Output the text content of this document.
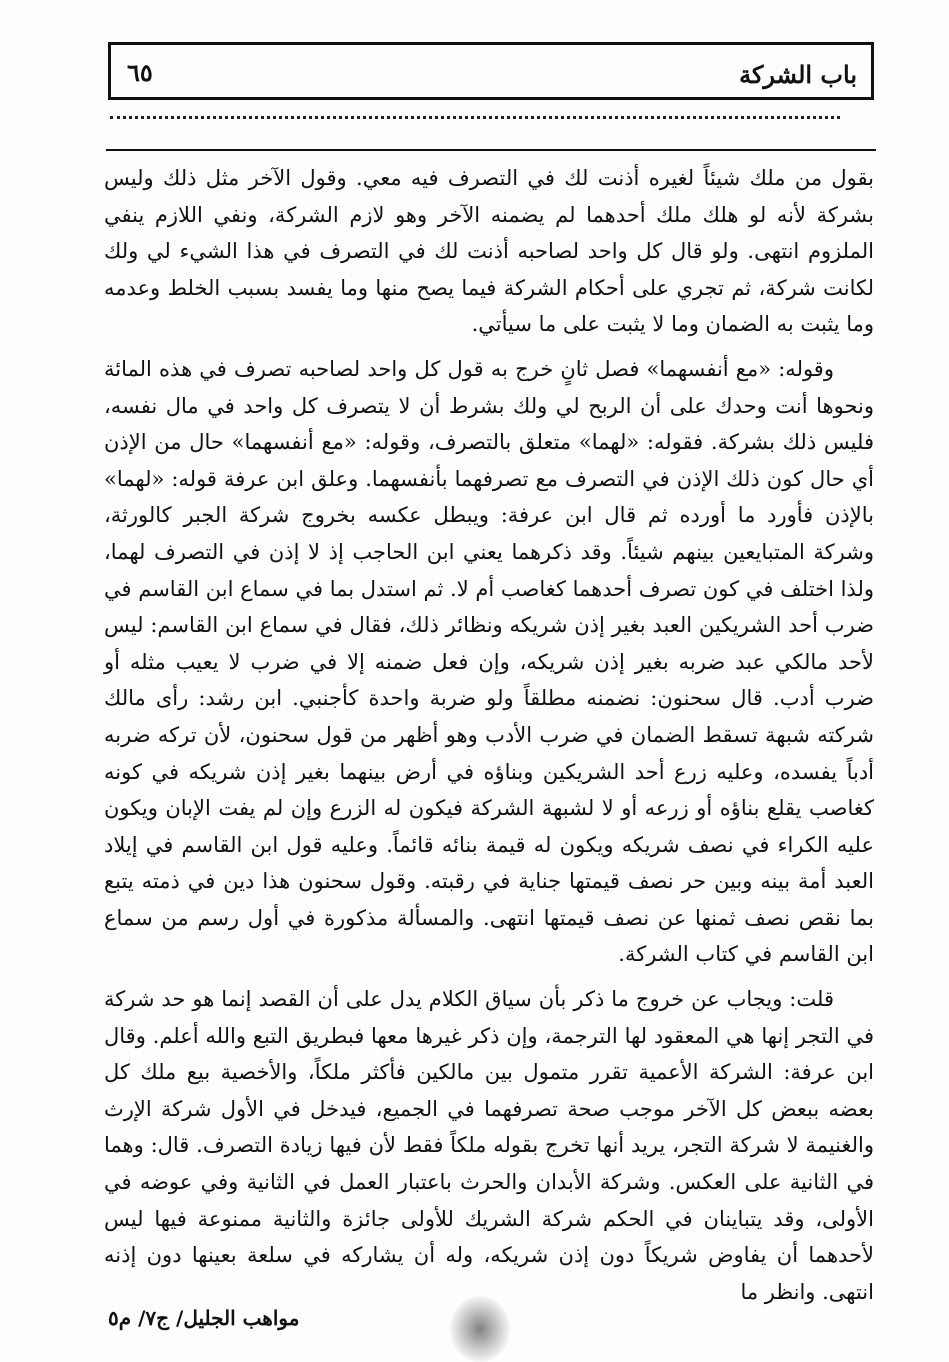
باب الشركة
٦٥

بقول من ملك شيئاً لغيره أذنت لك في التصرف فيه معي. وقول الآخر مثل ذلك وليس بشركة لأنه لو هلك ملك أحدهما لم يضمنه الآخر وهو لازم الشركة، ونفي اللازم ينفي الملزوم انتهى. ولو قال كل واحد لصاحبه أذنت لك في التصرف في هذا الشيء لي ولك لكانت شركة، ثم تجري على أحكام الشركة فيما يصح منها وما يفسد بسبب الخلط وعدمه وما يثبت به الضمان وما لا يثبت على ما سيأتي.

وقوله: «مع أنفسهما» فصل ثانٍ خرج به قول كل واحد لصاحبه تصرف في هذه المائة ونحوها أنت وحدك على أن الربح لي ولك بشرط أن لا يتصرف كل واحد في مال نفسه، فليس ذلك بشركة. فقوله: «لهما» متعلق بالتصرف، وقوله: «مع أنفسهما» حال من الإذن أي حال كون ذلك الإذن في التصرف مع تصرفهما بأنفسهما. وعلق ابن عرفة قوله: «لهما» بالإذن فأورد ما أورده ثم قال ابن عرفة: ويبطل عكسه بخروج شركة الجبر كالورثة، وشركة المتبايعين بينهم شيئاً. وقد ذكرهما يعني ابن الحاجب إذ لا إذن في التصرف لهما، ولذا اختلف في كون تصرف أحدهما كغاصب أم لا. ثم استدل بما في سماع ابن القاسم في ضرب أحد الشريكين العبد بغير إذن شريكه ونظائر ذلك، فقال في سماع ابن القاسم: ليس لأحد مالكي عبد ضربه بغير إذن شريكه، وإن فعل ضمنه إلا في ضرب لا يعيب مثله أو ضرب أدب. قال سحنون: نضمنه مطلقاً ولو ضربة واحدة كأجنبي. ابن رشد: رأى مالك شركته شبهة تسقط الضمان في ضرب الأدب وهو أظهر من قول سحنون، لأن تركه ضربه أدباً يفسده، وعليه زرع أحد الشريكين وبناؤه في أرض بينهما بغير إذن شريكه في كونه كغاصب يقلع بناؤه أو زرعه أو لا لشبهة الشركة فيكون له الزرع وإن لم يفت الإبان ويكون عليه الكراء في نصف شريكه ويكون له قيمة بنائه قائماً. وعليه قول ابن القاسم في إيلاد العبد أمة بينه وبين حر نصف قيمتها جناية في رقبته. وقول سحنون هذا دين في ذمته يتبع بما نقص نصف ثمنها عن نصف قيمتها انتهى. والمسألة مذكورة في أول رسم من سماع ابن القاسم في كتاب الشركة.

قلت: ويجاب عن خروج ما ذكر بأن سياق الكلام يدل على أن القصد إنما هو حد شركة في التجر إنها هي المعقود لها الترجمة، وإن ذكر غيرها معها فبطريق التبع والله أعلم. وقال ابن عرفة: الشركة الأعمية تقرر متمول بين مالكين فأكثر ملكاً، والأخصية بيع ملك كل بعضه ببعض كل الآخر موجب صحة تصرفهما في الجميع، فيدخل في الأول شركة الإرث والغنيمة لا شركة التجر، يريد أنها تخرج بقوله ملكاً فقط لأن فيها زيادة التصرف. قال: وهما في الثانية على العكس. وشركة الأبدان والحرث باعتبار العمل في الثانية وفي عوضه في الأولى، وقد يتباينان في الحكم شركة الشريك للأولى جائزة والثانية ممنوعة فيها ليس لأحدهما أن يفاوض شريكاً دون إذن شريكه، وله أن يشاركه في سلعة بعينها دون إذنه انتهى. وانظر ما

مواهب الجليل/ ج٧/ م٥
